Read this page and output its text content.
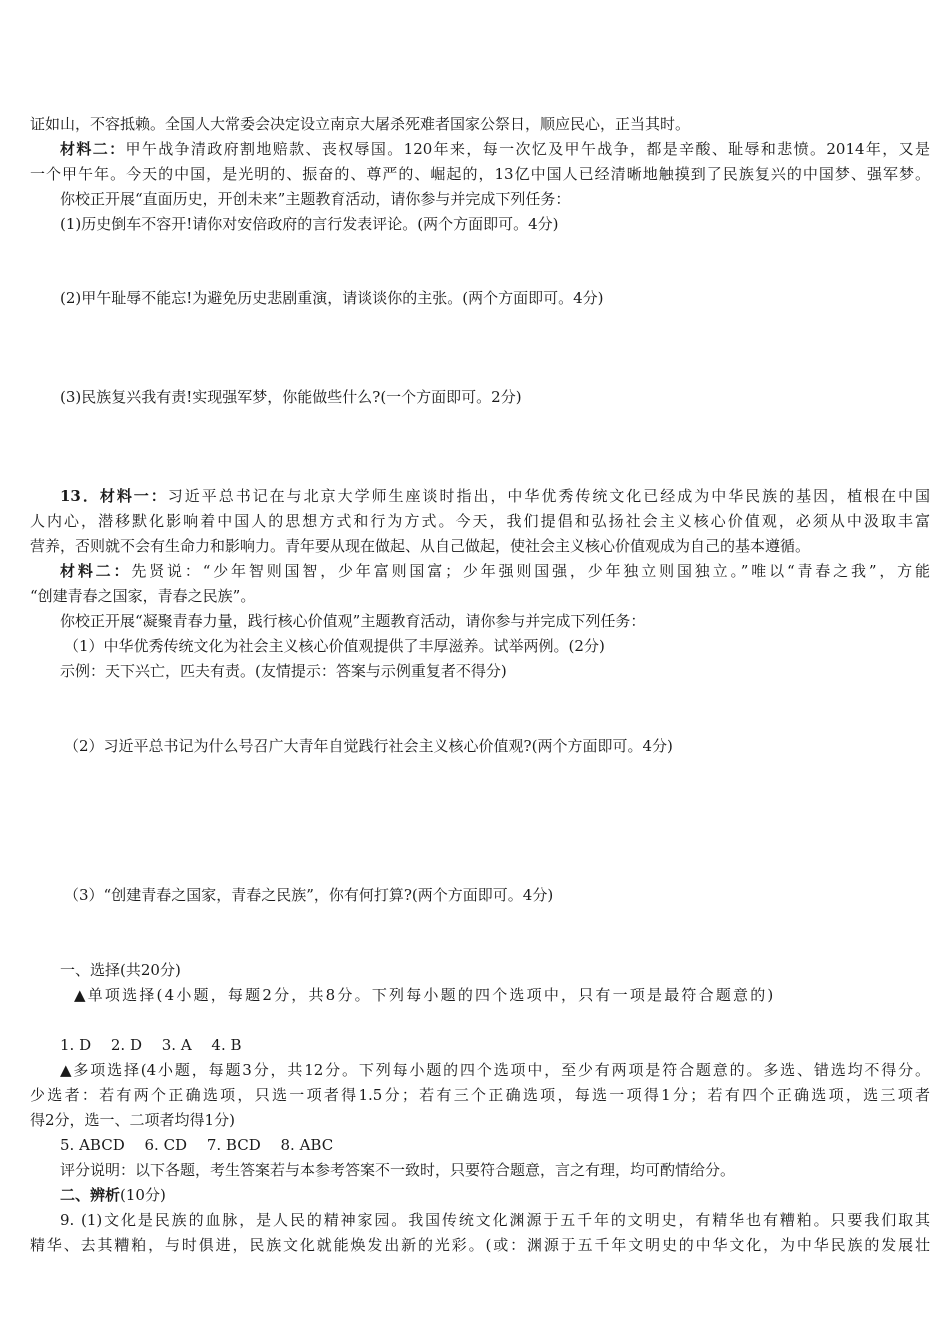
证如山，不容抵赖。全国人大常委会决定设立南京大屠杀死难者国家公祭日，顺应民心，正当其时。
材料二：甲午战争清政府割地赔款、丧权辱国。120年来，每一次忆及甲午战争，都是辛酸、耻辱和悲愤。2014年，又是
一个甲午年。今天的中国，是光明的、振奋的、尊严的、崛起的，13亿中国人已经清晰地触摸到了民族复兴的中国梦、强军梦。
你校正开展“直面历史，开创未来”主题教育活动，请你参与并完成下列任务：
(1)历史倒车不容开!请你对安倍政府的言行发表评论。(两个方面即可。4分)
(2)甲午耻辱不能忘!为避免历史悲剧重演，请谈谈你的主张。(两个方面即可。4分)
(3)民族复兴我有责!实现强军梦，你能做些什么?(一个方面即可。2分)
13．材料一：习近平总书记在与北京大学师生座谈时指出，中华优秀传统文化已经成为中华民族的基因，植根在中国
人内心，潜移默化影响着中国人的思想方式和行为方式。今天，我们提倡和弘扬社会主义核心价值观，必须从中汲取丰富
营养，否则就不会有生命力和影响力。青年要从现在做起、从自己做起，使社会主义核心价值观成为自己的基本遵循。
材料二：先贤说：“少年智则国智，少年富则国富；少年强则国强，少年独立则国独立。”唯以“青春之我”，方能
“创建青春之国家，青春之民族”。
你校正开展“凝聚青春力量，践行核心价值观”主题教育活动，请你参与并完成下列任务：
（1）中华优秀传统文化为社会主义核心价值观提供了丰厚滋养。试举两例。(2分)
示例：天下兴亡，匹夫有责。(友情提示：答案与示例重复者不得分)
（2）习近平总书记为什么号召广大青年自觉践行社会主义核心价值观?(两个方面即可。4分)
（3）“创建青春之国家，青春之民族”，你有何打算?(两个方面即可。4分)
一、选择(共20分)
▲单项选择(4小题，每题2分，共8分。下列每小题的四个选项中，只有一项是最符合题意的)
1. D　 2. D　 3. A　 4. B
▲多项选择(4小题，每题3分，共12分。下列每小题的四个选项中，至少有两项是符合题意的。多选、错选均不得分。
少选者：若有两个正确选项，只选一项者得1.5分；若有三个正确选项，每选一项得1分；若有四个正确选项，选三项者
得2分，选一、二项者均得1分)
5. ABCD　 6. CD　 7. BCD　 8. ABC
评分说明：以下各题，考生答案若与本参考答案不一致时，只要符合题意，言之有理，均可酌情给分。
二、辨析(10分)
9. (1)文化是民族的血脉，是人民的精神家园。我国传统文化渊源于五千年的文明史，有精华也有糟粕。只要我们取其
精华、去其糟粕，与时俱进，民族文化就能焕发出新的光彩。(或：渊源于五千年文明史的中华文化，为中华民族的发展壮
